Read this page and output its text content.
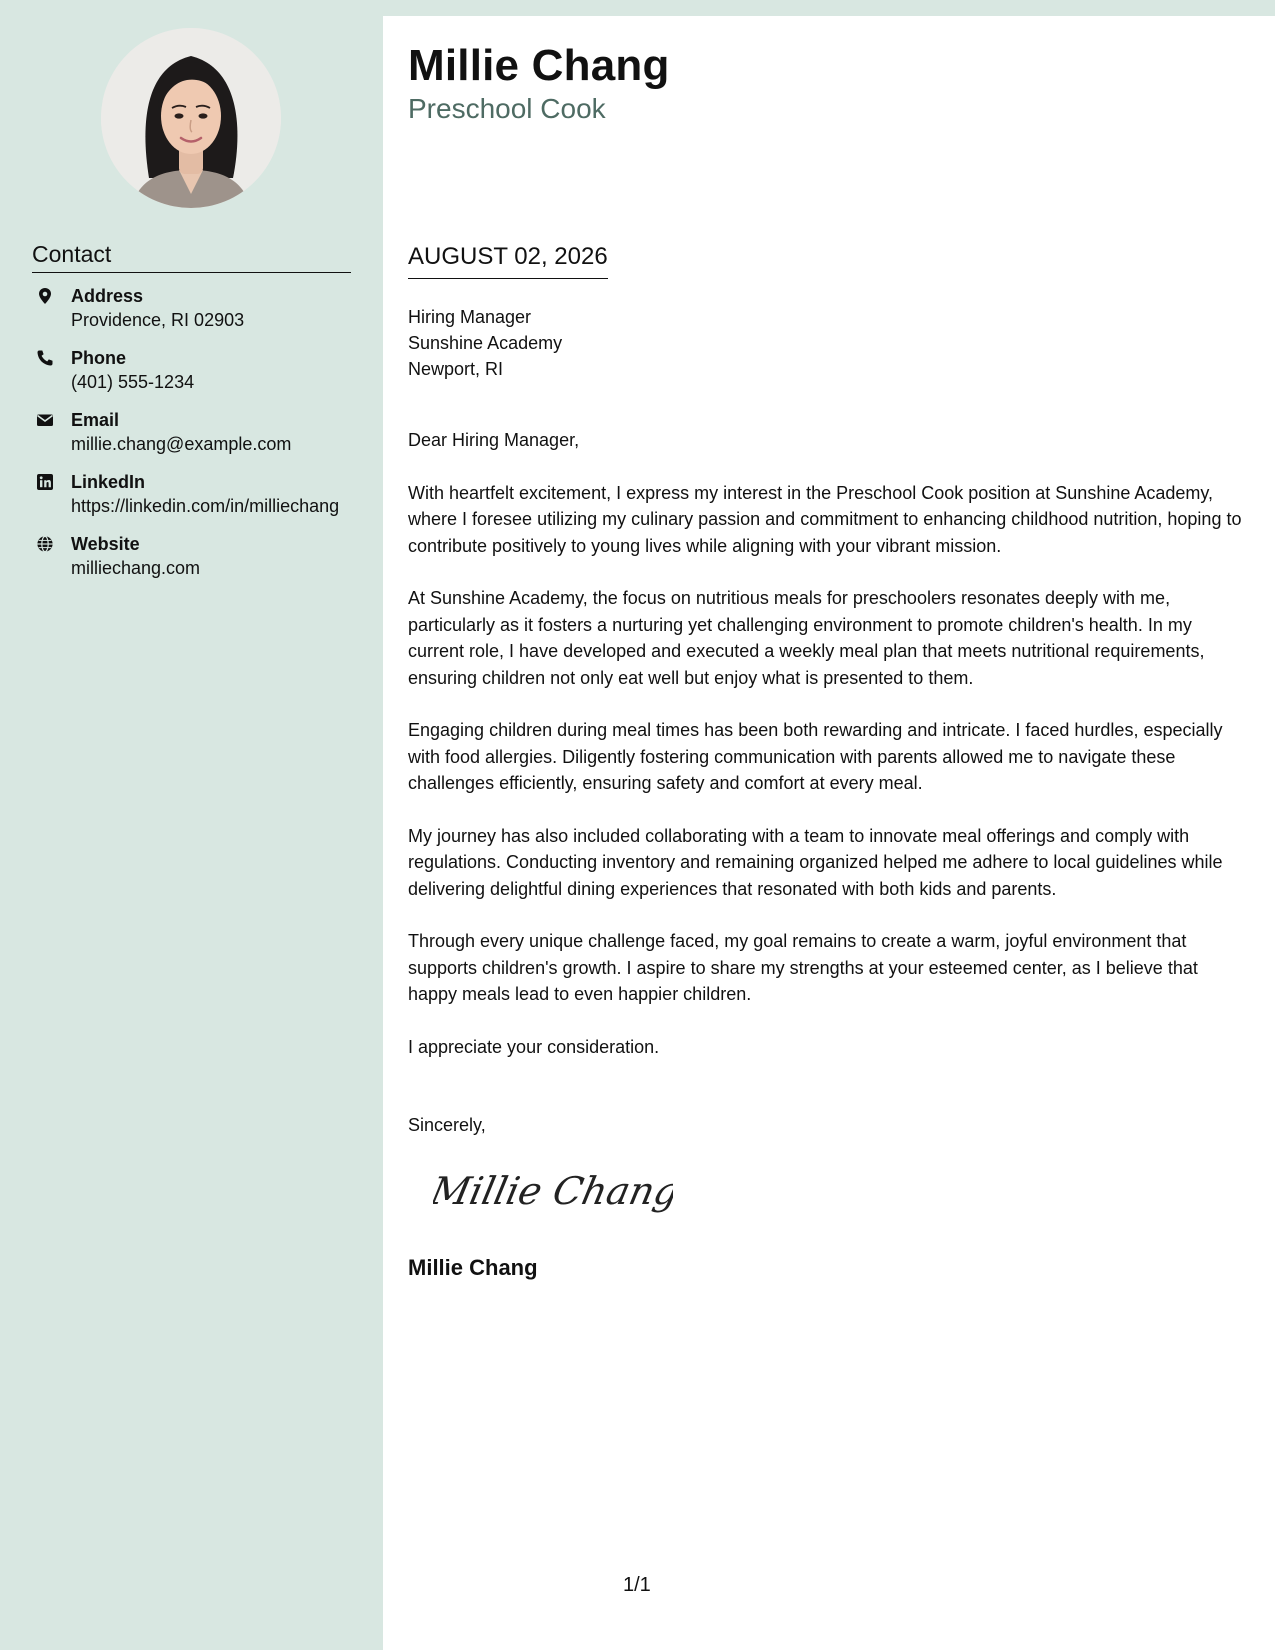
Contact
Address
Providence, RI 02903
Phone
(401) 555-1234
Email
millie.chang@example.com
LinkedIn
https://linkedin.com/in/milliechang
Website
milliechang.com
Millie Chang
Preschool Cook
AUGUST 02, 2026
Hiring Manager
Sunshine Academy
Newport, RI

Dear Hiring Manager,

With heartfelt excitement, I express my interest in the Preschool Cook position at Sunshine Academy, where I foresee utilizing my culinary passion and commitment to enhancing childhood nutrition, hoping to contribute positively to young lives while aligning with your vibrant mission.

At Sunshine Academy, the focus on nutritious meals for preschoolers resonates deeply with me, particularly as it fosters a nurturing yet challenging environment to promote children's health. In my current role, I have developed and executed a weekly meal plan that meets nutritional requirements, ensuring children not only eat well but enjoy what is presented to them.

Engaging children during meal times has been both rewarding and intricate. I faced hurdles, especially with food allergies. Diligently fostering communication with parents allowed me to navigate these challenges efficiently, ensuring safety and comfort at every meal.

My journey has also included collaborating with a team to innovate meal offerings and comply with regulations. Conducting inventory and remaining organized helped me adhere to local guidelines while delivering delightful dining experiences that resonated with both kids and parents.

Through every unique challenge faced, my goal remains to create a warm, joyful environment that supports children's growth. I aspire to share my strengths at your esteemed center, as I believe that happy meals lead to even happier children.

I appreciate your consideration.

Sincerely,
Millie Chang
Millie Chang
1/1
